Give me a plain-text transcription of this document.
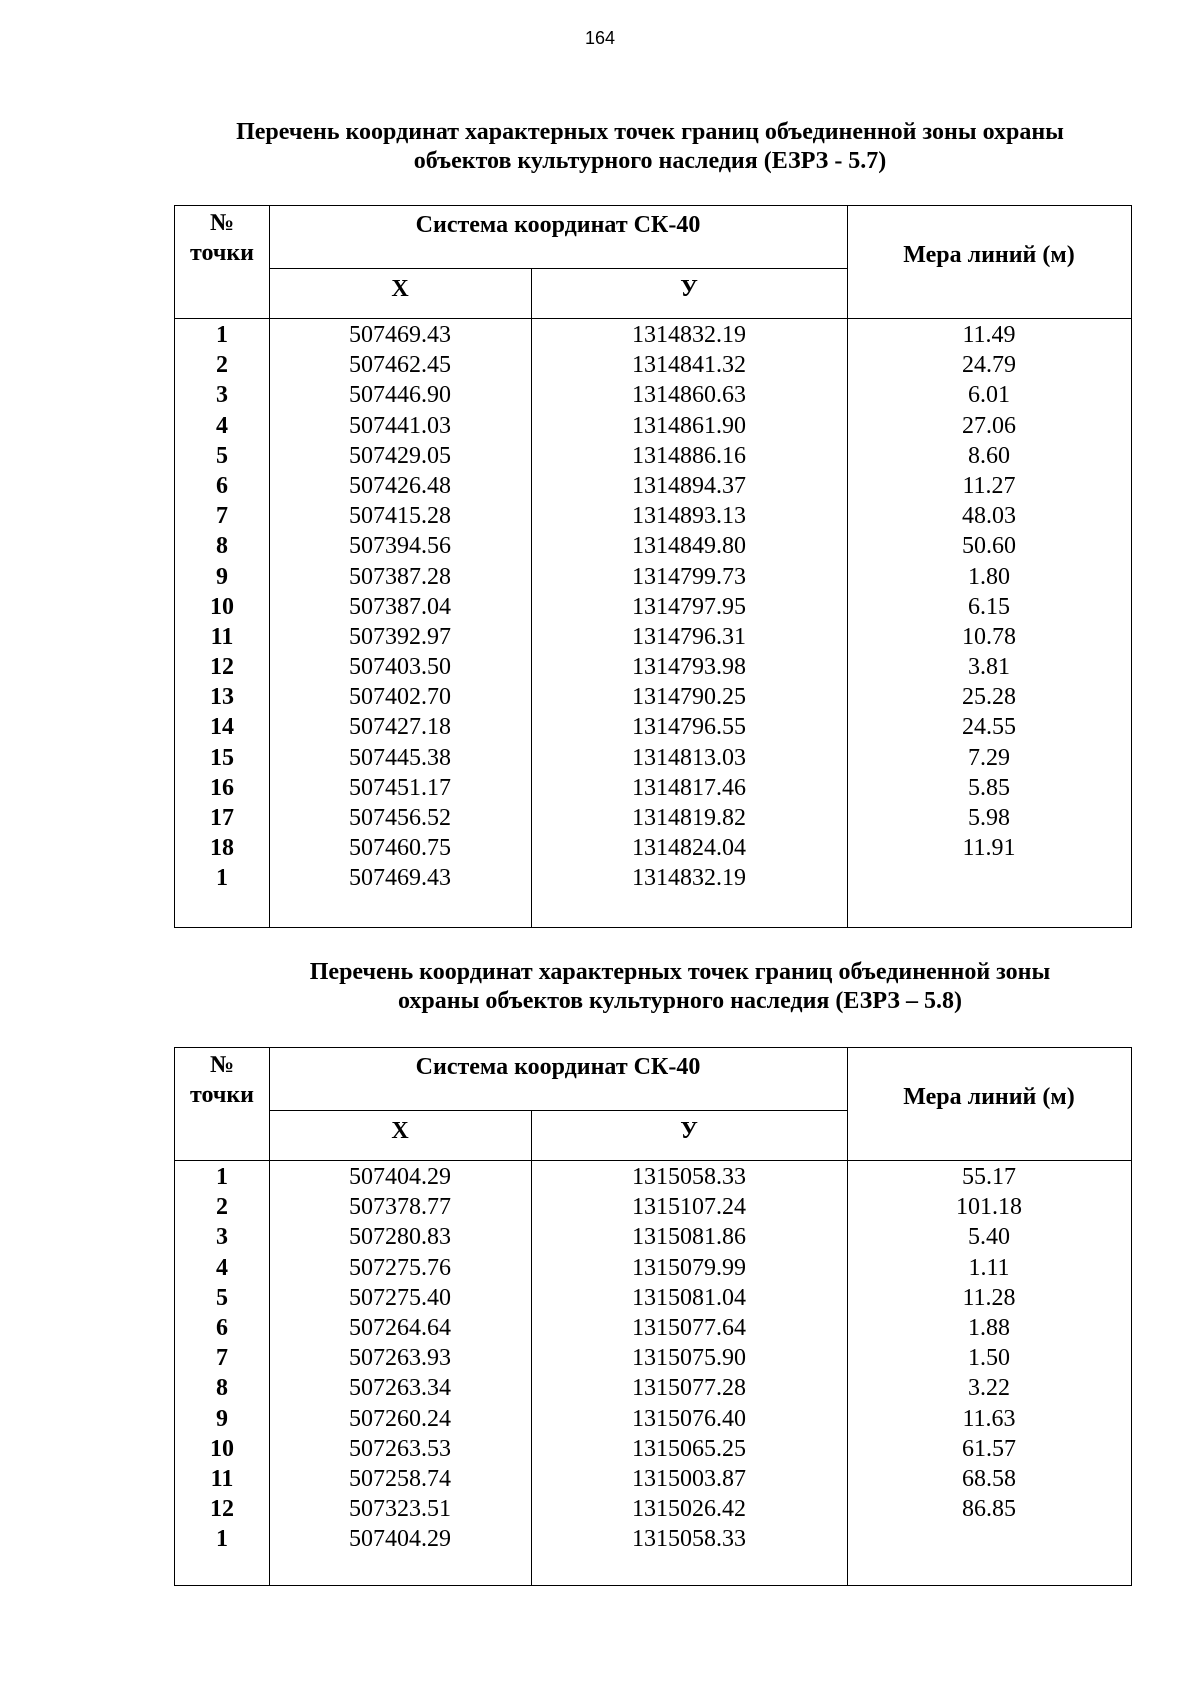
164
Перечень координат характерных точек границ объединенной зоны охраны
объектов культурного наследия (ЕЗРЗ - 5.7)
№
точки
Система координат СК-40
Х	У
Мера линий (м)
1	507469.43	1314832.19	11.49
2	507462.45	1314841.32	24.79
3	507446.90	1314860.63	6.01
4	507441.03	1314861.90	27.06
5	507429.05	1314886.16	8.60
6	507426.48	1314894.37	11.27
7	507415.28	1314893.13	48.03
8	507394.56	1314849.80	50.60
9	507387.28	1314799.73	1.80
10	507387.04	1314797.95	6.15
11	507392.97	1314796.31	10.78
12	507403.50	1314793.98	3.81
13	507402.70	1314790.25	25.28
14	507427.18	1314796.55	24.55
15	507445.38	1314813.03	7.29
16	507451.17	1314817.46	5.85
17	507456.52	1314819.82	5.98
18	507460.75	1314824.04	11.91
1	507469.43	1314832.19
Перечень координат характерных точек границ объединенной зоны
охраны объектов культурного наследия (ЕЗРЗ – 5.8)
№
точки
Система координат СК-40
Х	У
Мера линий (м)
1	507404.29	1315058.33	55.17
2	507378.77	1315107.24	101.18
3	507280.83	1315081.86	5.40
4	507275.76	1315079.99	1.11
5	507275.40	1315081.04	11.28
6	507264.64	1315077.64	1.88
7	507263.93	1315075.90	1.50
8	507263.34	1315077.28	3.22
9	507260.24	1315076.40	11.63
10	507263.53	1315065.25	61.57
11	507258.74	1315003.87	68.58
12	507323.51	1315026.42	86.85
1	507404.29	1315058.33
